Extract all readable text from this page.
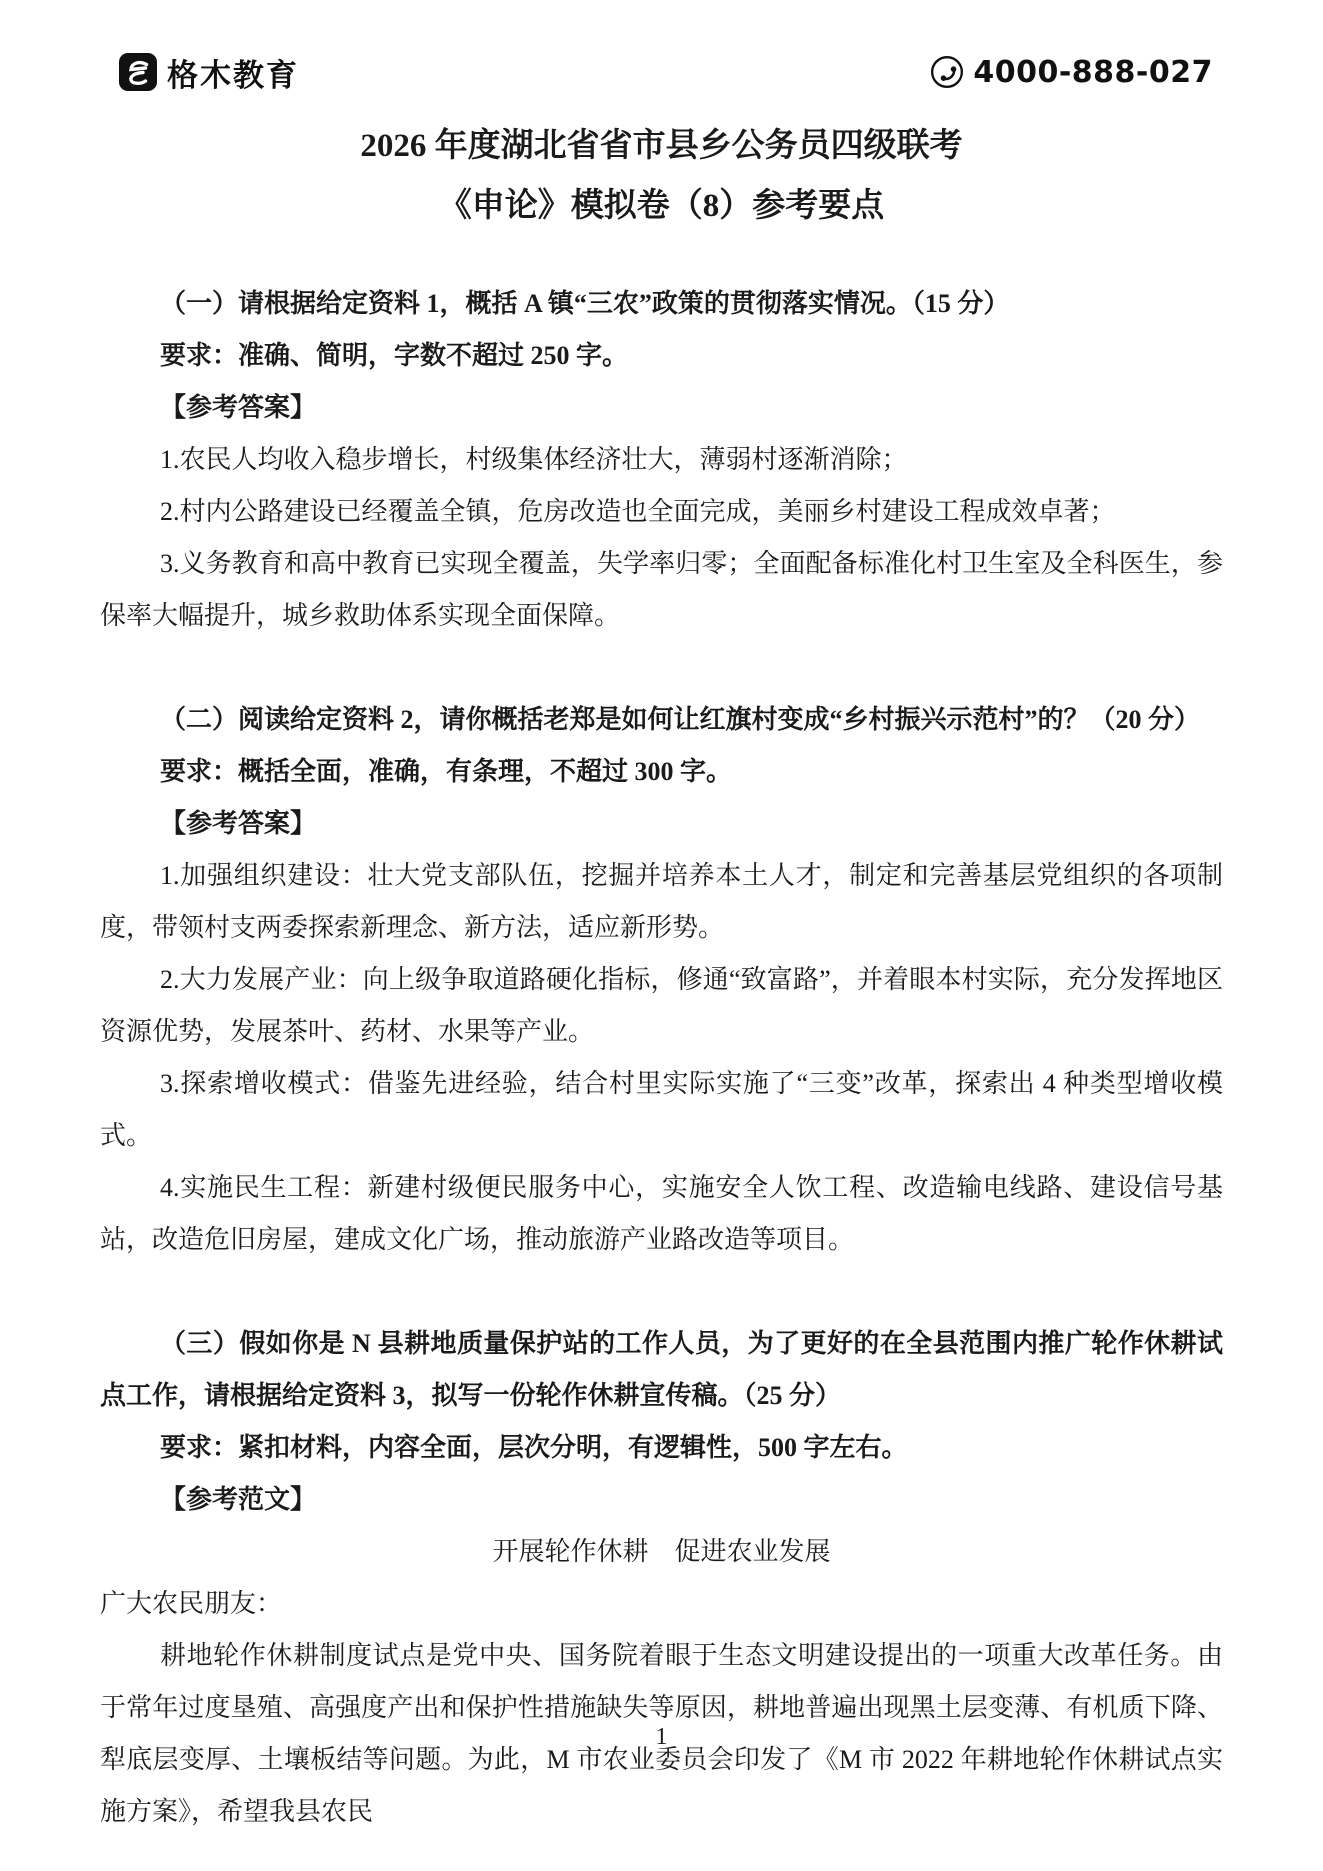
格木教育	4000-888-027

2026 年度湖北省省市县乡公务员四级联考

《申论》模拟卷（8）参考要点

（一）请根据给定资料 1，概括 A 镇“三农”政策的贯彻落实情况。（15 分）

要求：准确、简明，字数不超过 250 字。

【参考答案】

1.农民人均收入稳步增长，村级集体经济壮大，薄弱村逐渐消除；

2.村内公路建设已经覆盖全镇，危房改造也全面完成，美丽乡村建设工程成效卓著；

3.义务教育和高中教育已实现全覆盖，失学率归零；全面配备标准化村卫生室及全科医生，参保率大幅提升，城乡救助体系实现全面保障。

（二）阅读给定资料 2，请你概括老郑是如何让红旗村变成“乡村振兴示范村”的？（20 分）

要求：概括全面，准确，有条理，不超过 300 字。

【参考答案】

1.加强组织建设：壮大党支部队伍，挖掘并培养本土人才，制定和完善基层党组织的各项制度，带领村支两委探索新理念、新方法，适应新形势。

2.大力发展产业：向上级争取道路硬化指标，修通“致富路”，并着眼本村实际，充分发挥地区资源优势，发展茶叶、药材、水果等产业。

3.探索增收模式：借鉴先进经验，结合村里实际实施了“三变”改革，探索出 4 种类型增收模式。

4.实施民生工程：新建村级便民服务中心，实施安全人饮工程、改造输电线路、建设信号基站，改造危旧房屋，建成文化广场，推动旅游产业路改造等项目。

（三）假如你是 N 县耕地质量保护站的工作人员，为了更好的在全县范围内推广轮作休耕试点工作，请根据给定资料 3，拟写一份轮作休耕宣传稿。（25 分）

要求：紧扣材料，内容全面，层次分明，有逻辑性，500 字左右。

【参考范文】

开展轮作休耕　促进农业发展

广大农民朋友：

耕地轮作休耕制度试点是党中央、国务院着眼于生态文明建设提出的一项重大改革任务。由于常年过度垦殖、高强度产出和保护性措施缺失等原因，耕地普遍出现黑土层变薄、有机质下降、犁底层变厚、土壤板结等问题。为此，M 市农业委员会印发了《M 市 2022 年耕地轮作休耕试点实施方案》，希望我县农民

1
